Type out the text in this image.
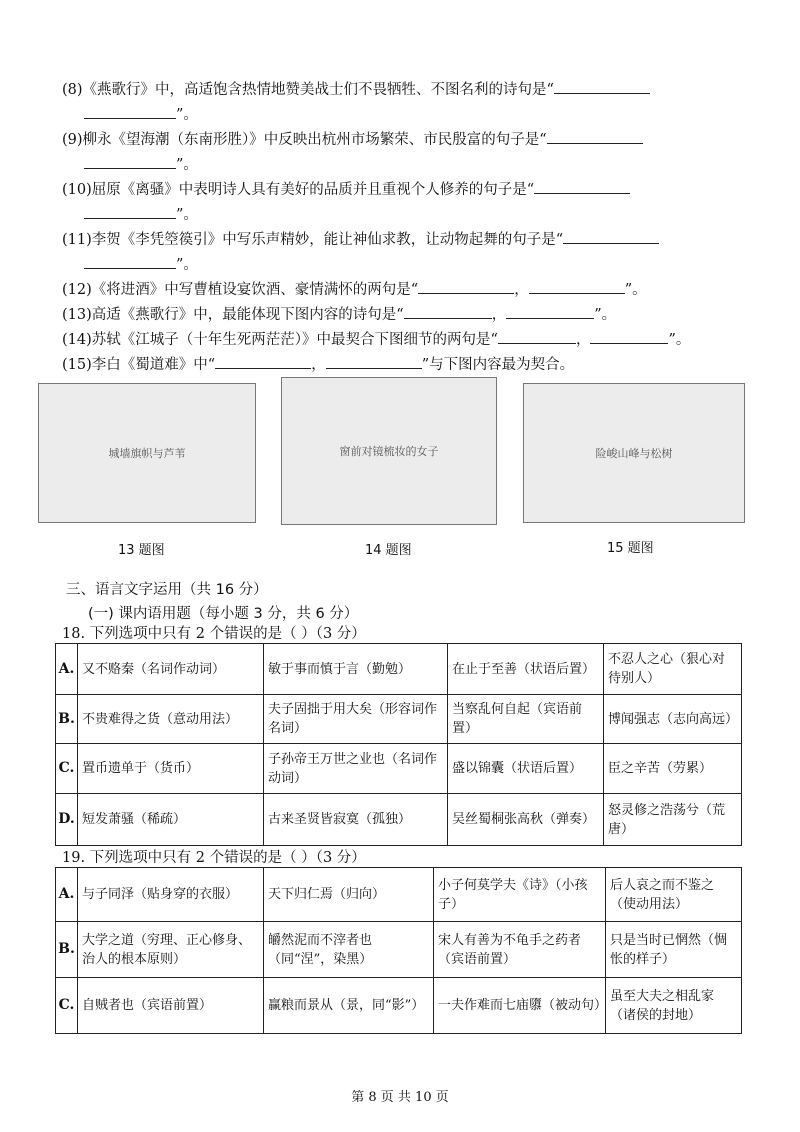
(8)《燕歌行》中，高适饱含热情地赞美战士们不畏牺牲、不图名利的诗句是“
”。
(9)柳永《望海潮（东南形胜）》中反映出杭州市场繁荣、市民殷富的句子是“
”。
(10)屈原《离骚》中表明诗人具有美好的品质并且重视个人修养的句子是“
”。
(11)李贺《李凭箜篌引》中写乐声精妙，能让神仙求教，让动物起舞的句子是“
”。
(12)《将进酒》中写曹植设宴饮酒、豪情满怀的两句是“	，	”。
(13)高适《燕歌行》中，最能体现下图内容的诗句是“	，	”。
(14)苏轼《江城子（十年生死两茫茫）》中最契合下图细节的两句是“	，	”。
(15)李白《蜀道难》中“	，	”与下图内容最为契合。
城墙旗帜与芦苇	窗前对镜梳妆的女子	险峻山峰与松树
13 题图	14 题图	15 题图
三、语言文字运用（共 16 分）
(一) 课内语用题（每小题 3 分，共 6 分）
18. 下列选项中只有 2 个错误的是（ ）（3 分）
A.	又不赂秦（名词作动词）	敏于事而慎于言（勤勉）	在止于至善（状语后置）	不忍人之心（狠心对待别人）
B.	不贵难得之货（意动用法）	夫子固拙于用大矣（形容词作名词）	当察乱何自起（宾语前置）	博闻强志（志向高远）
C.	置币遗单于（货币）	子孙帝王万世之业也（名词作动词）	盛以锦囊（状语后置）	臣之辛苦（劳累）
D.	短发萧骚（稀疏）	古来圣贤皆寂寞（孤独）	吴丝蜀桐张高秋（弹奏）	怒灵修之浩荡兮（荒唐）
19. 下列选项中只有 2 个错误的是（ ）（3 分）
A.	与子同泽（贴身穿的衣服）	天下归仁焉（归向）	小子何莫学夫《诗》（小孩子）	后人哀之而不鉴之（使动用法）
B.	大学之道（穷理、正心修身、治人的根本原则）	皭然泥而不滓者也（同“涅”，染黑）	宋人有善为不龟手之药者（宾语前置）	只是当时已惘然（惆怅的样子）
C.	自贼者也（宾语前置）	赢粮而景从（景，同“影”）	一夫作难而七庙隳（被动句）	虽至大夫之相乱家（诸侯的封地）
第 8 页 共 10 页
